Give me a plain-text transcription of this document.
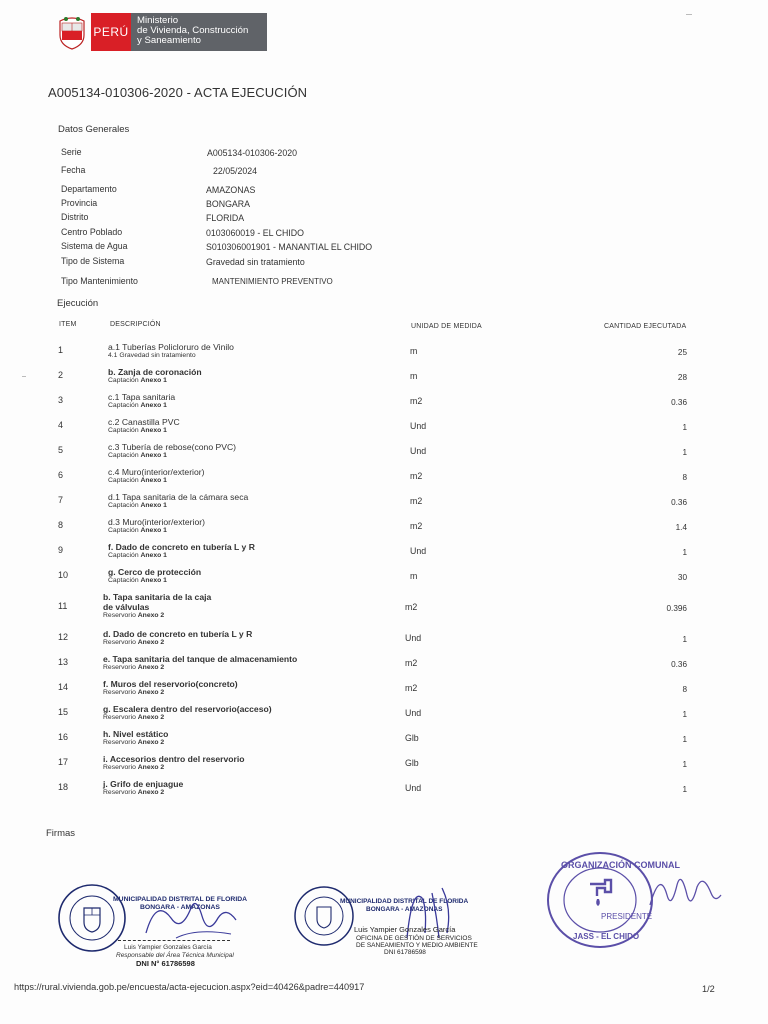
PERÚ
Ministerio
de Vivienda, Construcción
y Saneamiento
A005134-010306-2020 - ACTA EJECUCIÓN
Datos Generales
Serie	A005134-010306-2020
Fecha	22/05/2024
Departamento	AMAZONAS
Provincia	BONGARA
Distrito	FLORIDA
Centro Poblado	0103060019 - EL CHIDO
Sistema de Agua	S010306001901 - MANANTIAL EL CHIDO
Tipo de Sistema	Gravedad sin tratamiento
Tipo Mantenimiento	MANTENIMIENTO PREVENTIVO
Ejecución
ITEM	DESCRIPCIÓN	UNIDAD DE MEDIDA	CANTIDAD EJECUTADA
1	a.1 Tuberías Policloruro de Vinilo
4.1 Gravedad sin tratamiento	m	25
2	b. Zanja de coronación
Captación Anexo 1	m	28
3	c.1 Tapa sanitaria
Captación Anexo 1	m2	0.36
4	c.2 Canastilla PVC
Captación Anexo 1	Und	1
5	c.3 Tubería de rebose(cono PVC)
Captación Anexo 1	Und	1
6	c.4 Muro(interior/exterior)
Captación Anexo 1	m2	8
7	d.1 Tapa sanitaria de la cámara seca
Captación Anexo 1	m2	0.36
8	d.3 Muro(interior/exterior)
Captación Anexo 1	m2	1.4
9	f. Dado de concreto en tubería L y R
Captación Anexo 1	Und	1
10	g. Cerco de protección
Captación Anexo 1	m	30
11
b. Tapa sanitaria de la caja
de válvulas
Reservorio Anexo 2
m2	0.396
12	d. Dado de concreto en tubería L y R
Reservorio Anexo 2	Und	1
13	e. Tapa sanitaria del tanque de almacenamiento
Reservorio Anexo 2	m2	0.36
14	f. Muros del reservorio(concreto)
Reservorio Anexo 2	m2	8
15	g. Escalera dentro del reservorio(acceso)
Reservorio Anexo 2	Und	1
16	h. Nivel estático
Reservorio Anexo 2	Glb	1
17	i. Accesorios dentro del reservorio
Reservorio Anexo 2	Glb	1
18	j. Grifo de enjuague
Reservorio Anexo 2	Und	1
Firmas
MUNICIPALIDAD DISTRITAL DE FLORIDA
BONGARA - AMAZONAS
Luis Yampier Gonzales García
Responsable del Área Técnica Municipal
DNI N° 61786598
MUNICIPALIDAD DISTRITAL DE FLORIDA
BONGARA - AMAZONAS
Luis Yampier Gonzales García
OFICINA DE GESTIÓN DE SERVICIOS
DE SANEAMIENTO Y MEDIO AMBIENTE
DNI 61786598
ORGANIZACIÓN COMUNAL
PRESIDENTE
JASS - EL CHIDO
https://rural.vivienda.gob.pe/encuesta/acta-ejecucion.aspx?eid=40426&padre=440917	1/2
